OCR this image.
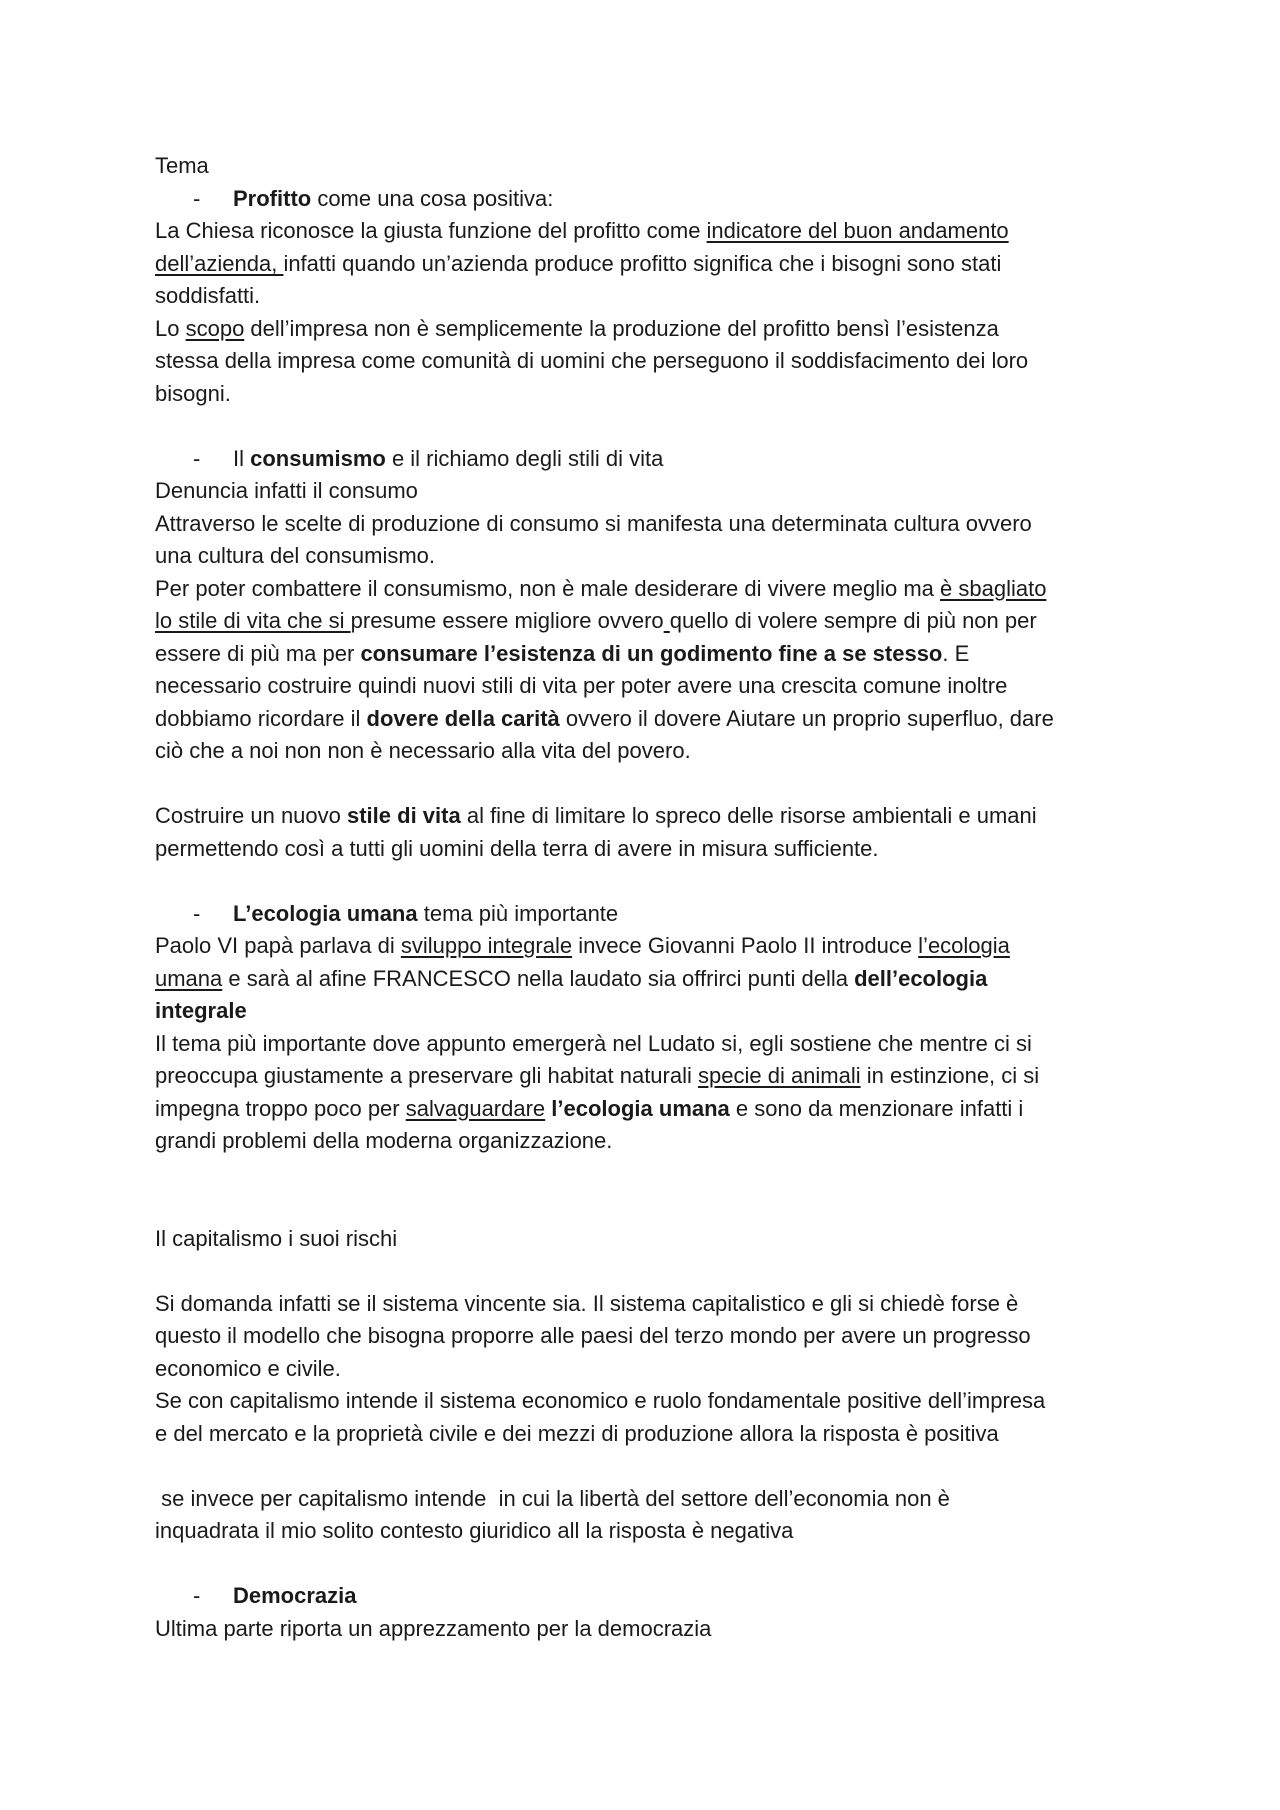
Tema
- Profitto come una cosa positiva:
La Chiesa riconosce la giusta funzione del profitto come indicatore del buon andamento
dell’azienda, infatti quando un’azienda produce profitto significa che i bisogni sono stati
soddisfatti.
Lo scopo dell’impresa non è semplicemente la produzione del profitto bensì l’esistenza
stessa della impresa come comunità di uomini che perseguono il soddisfacimento dei loro
bisogni.
- Il consumismo e il richiamo degli stili di vita
Denuncia infatti il consumo
Attraverso le scelte di produzione di consumo si manifesta una determinata cultura ovvero
una cultura del consumismo.
Per poter combattere il consumismo, non è male desiderare di vivere meglio ma è sbagliato
lo stile di vita che si presume essere migliore ovvero quello di volere sempre di più non per
essere di più ma per consumare l’esistenza di un godimento fine a se stesso. E
necessario costruire quindi nuovi stili di vita per poter avere una crescita comune inoltre
dobbiamo ricordare il dovere della carità ovvero il dovere Aiutare un proprio superfluo, dare
ciò che a noi non non è necessario alla vita del povero.
Costruire un nuovo stile di vita al fine di limitare lo spreco delle risorse ambientali e umani
permettendo così a tutti gli uomini della terra di avere in misura sufficiente.
- L’ecologia umana tema più importante
Paolo VI papà parlava di sviluppo integrale invece Giovanni Paolo II introduce l’ecologia
umana e sarà al afine FRANCESCO nella laudato sia offrirci punti della dell’ecologia
integrale
Il tema più importante dove appunto emergerà nel Ludato si, egli sostiene che mentre ci si
preoccupa giustamente a preservare gli habitat naturali specie di animali in estinzione, ci si
impegna troppo poco per salvaguardare l’ecologia umana e sono da menzionare infatti i
grandi problemi della moderna organizzazione.
Il capitalismo i suoi rischi
Si domanda infatti se il sistema vincente sia. Il sistema capitalistico e gli si chiedè forse è
questo il modello che bisogna proporre alle paesi del terzo mondo per avere un progresso
economico e civile.
Se con capitalismo intende il sistema economico e ruolo fondamentale positive dell’impresa
e del mercato e la proprietà civile e dei mezzi di produzione allora la risposta è positiva
se invece per capitalismo intende  in cui la libertà del settore dell’economia non è
inquadrata il mio solito contesto giuridico all la risposta è negativa
- Democrazia
Ultima parte riporta un apprezzamento per la democrazia
